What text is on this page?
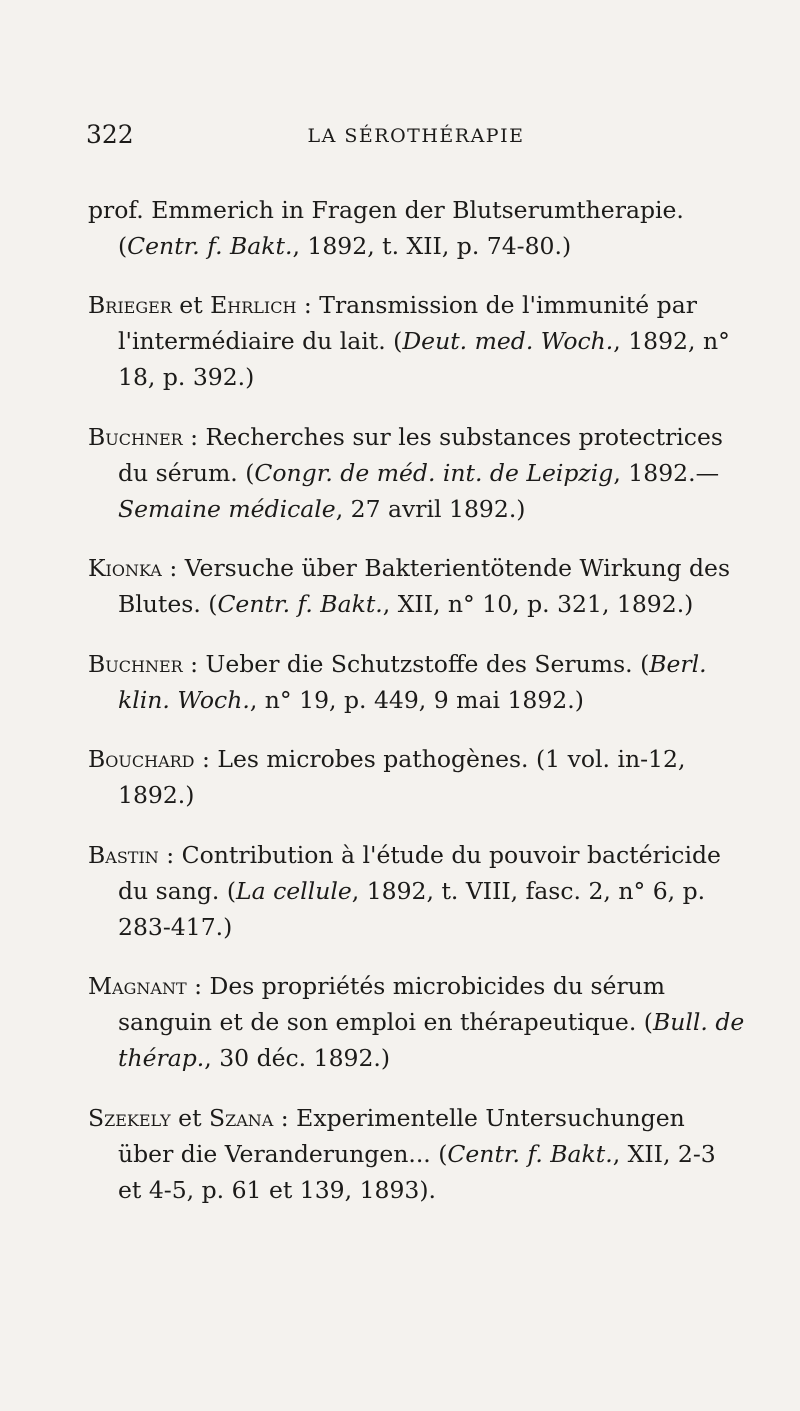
322	LA SÉROTHÉRAPIE

prof. Emmerich in Fragen der Blutserumtherapie. (Centr. f. Bakt., 1892, t. XII, p. 74-80.)

Brieger et Ehrlich : Transmission de l'immunité par l'intermédiaire du lait. (Deut. med. Woch., 1892, n° 18, p. 392.)

Buchner : Recherches sur les substances protectrices du sérum. (Congr. de méd. int. de Leipzig, 1892.— Semaine médicale, 27 avril 1892.)

Kionka : Versuche über Bakterientötende Wirkung des Blutes. (Centr. f. Bakt., XII, n° 10, p. 321, 1892.)

Buchner : Ueber die Schutzstoffe des Serums. (Berl. klin. Woch., n° 19, p. 449, 9 mai 1892.)

Bouchard : Les microbes pathogènes. (1 vol. in-12, 1892.)

Bastin : Contribution à l'étude du pouvoir bactéricide du sang. (La cellule, 1892, t. VIII, fasc. 2, n° 6, p. 283-417.)

Magnant : Des propriétés microbicides du sérum sanguin et de son emploi en thérapeutique. (Bull. de thérap., 30 déc. 1892.)

Szekely et Szana : Experimentelle Untersuchungen über die Veranderungen... (Centr. f. Bakt., XII, 2-3 et 4-5, p. 61 et 139, 1893).
